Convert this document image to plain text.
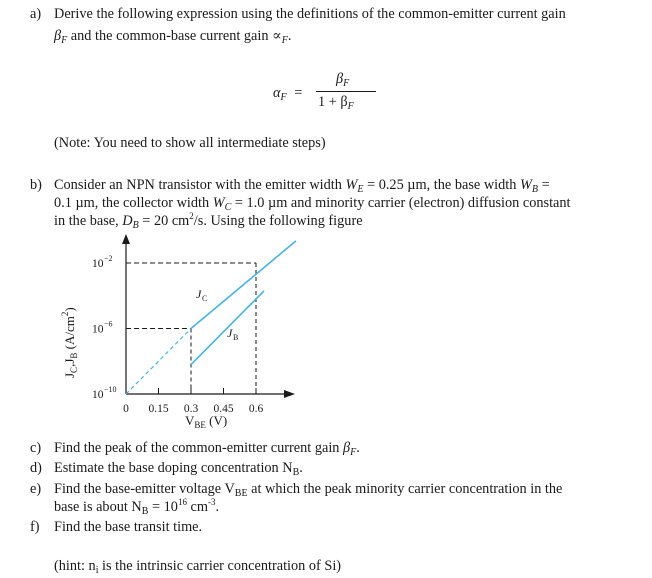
a) Derive the following expression using the definitions of the common-emitter current gain
$\beta_F$ and the common-base current gain $\propto_F$.
$\alpha_F$ =
$\beta_F$
$1 + \beta_F$
(Note: You need to show all intermediate steps)
b) Consider an NPN transistor with the emitter width $W_E = 0.25$ µm, the base width $W_B$ =
0.1 µm, the collector width $W_C = 1.0$ µm and minority carrier (electron) diffusion constant
in the base, $D_B = 20$ $cm^2/s$. Using the following figure
0 0.15 0.3 0.45 0.6
10 −2
10 −6
10 −10
J C
J B
$V_{BE}$ (V)
$J_C,J_B$ $(A/cm^2)$
c) Find the peak of the common-emitter current gain $\beta_F$.
d) Estimate the base doping concentration $N_B$.
e) Find the base-emitter voltage $V_{BE}$ at which the peak minority carrier concentration in the
base is about $N_B = 10^{16}$ $cm^{-3}$.
f) Find the base transit time.
(hint: $n_i$ is the intrinsic carrier concentration of Si)
